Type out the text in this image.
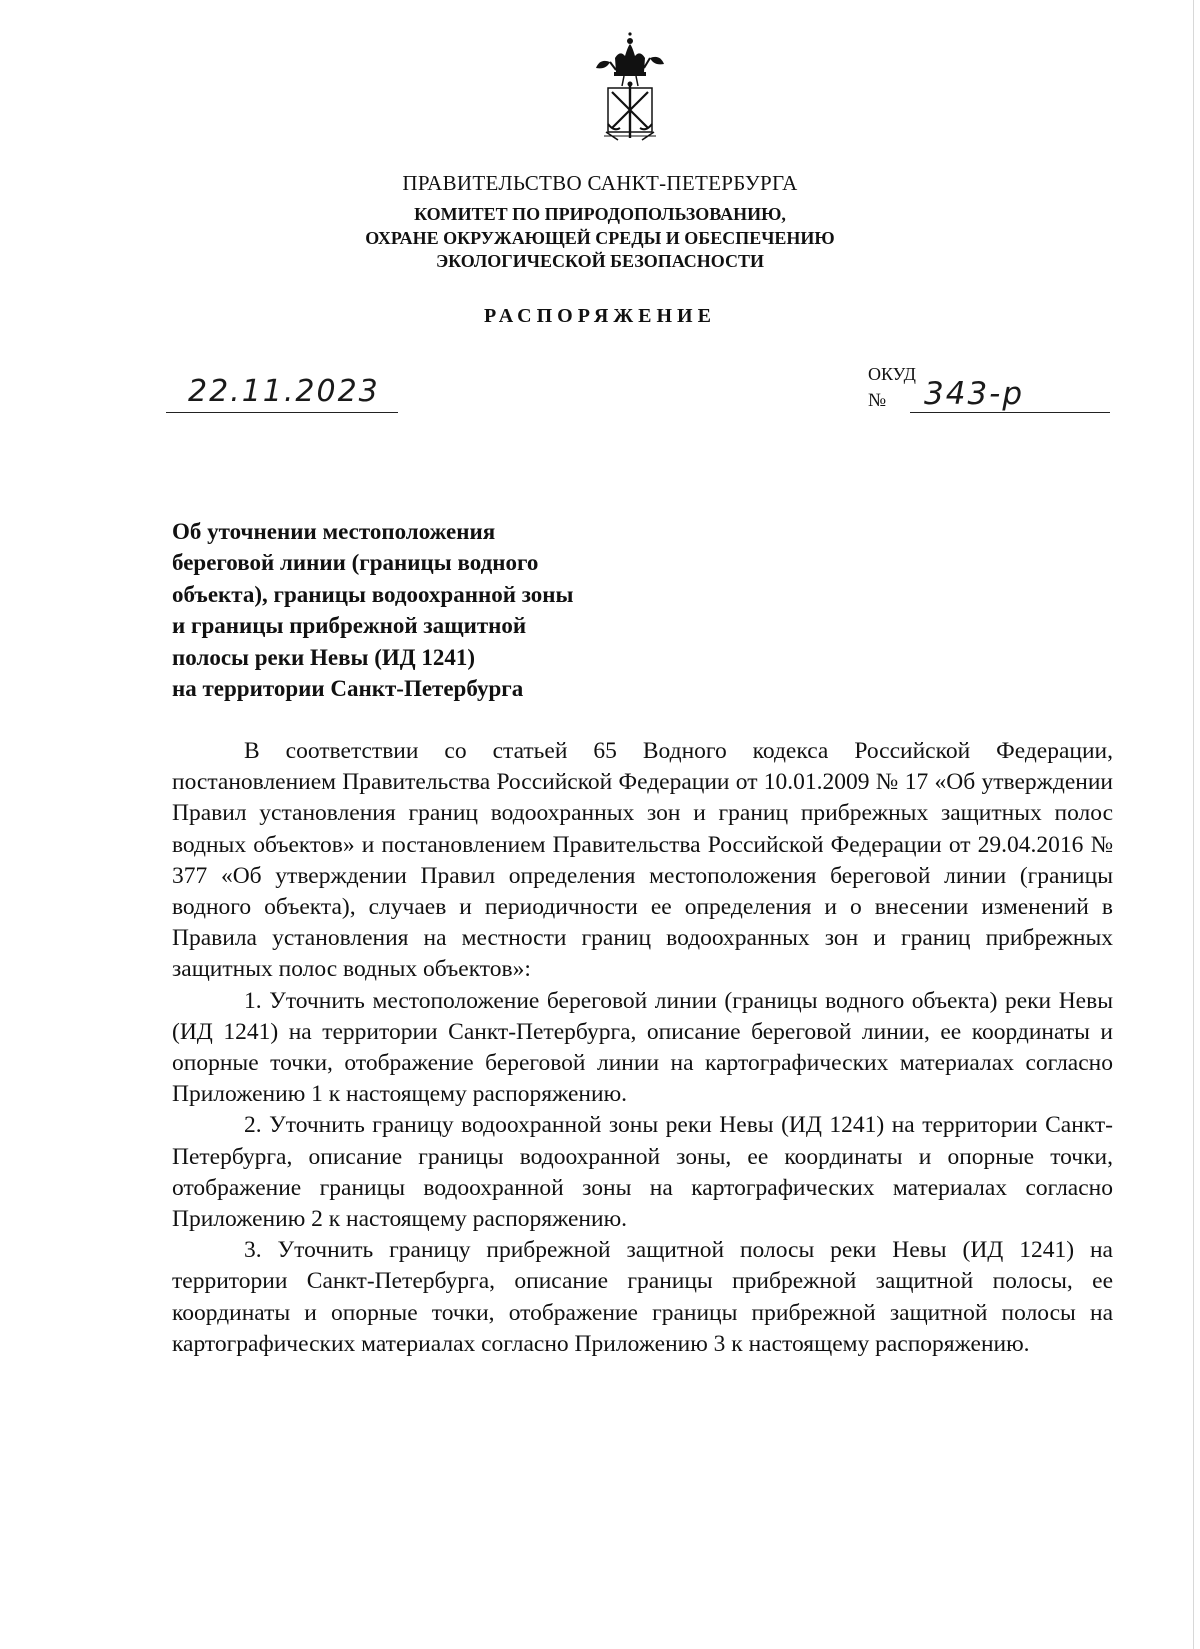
ПРАВИТЕЛЬСТВО САНКТ-ПЕТЕРБУРГА
КОМИТЕТ ПО ПРИРОДОПОЛЬЗОВАНИЮ,
ОХРАНЕ ОКРУЖАЮЩЕЙ СРЕДЫ И ОБЕСПЕЧЕНИЮ
ЭКОЛОГИЧЕСКОЙ БЕЗОПАСНОСТИ
РАСПОРЯЖЕНИЕ
22.11.2023	ОКУД
№ 343-р
Об уточнении местоположения
береговой линии (границы водного
объекта), границы водоохранной зоны
и границы прибрежной защитной
полосы реки Невы (ИД 1241)
на территории Санкт-Петербурга

В соответствии со статьей 65 Водного кодекса Российской Федерации, постановлением Правительства Российской Федерации от 10.01.2009 № 17 «Об утверждении Правил установления границ водоохранных зон и границ прибрежных защитных полос водных объектов» и постановлением Правительства Российской Федерации от 29.04.2016 № 377 «Об утверждении Правил определения местоположения береговой линии (границы водного объекта), случаев и периодичности ее определения и о внесении изменений в Правила установления на местности границ водоохранных зон и границ прибрежных защитных полос водных объектов»:

1. Уточнить местоположение береговой линии (границы водного объекта) реки Невы (ИД 1241) на территории Санкт-Петербурга, описание береговой линии, ее координаты и опорные точки, отображение береговой линии на картографических материалах согласно Приложению 1 к настоящему распоряжению.

2. Уточнить границу водоохранной зоны реки Невы (ИД 1241) на территории Санкт-Петербурга, описание границы водоохранной зоны, ее координаты и опорные точки, отображение границы водоохранной зоны на картографических материалах согласно Приложению 2 к настоящему распоряжению.

3. Уточнить границу прибрежной защитной полосы реки Невы (ИД 1241) на территории Санкт-Петербурга, описание границы прибрежной защитной полосы, ее координаты и опорные точки, отображение границы прибрежной защитной полосы на картографических материалах согласно Приложению 3 к настоящему распоряжению.
